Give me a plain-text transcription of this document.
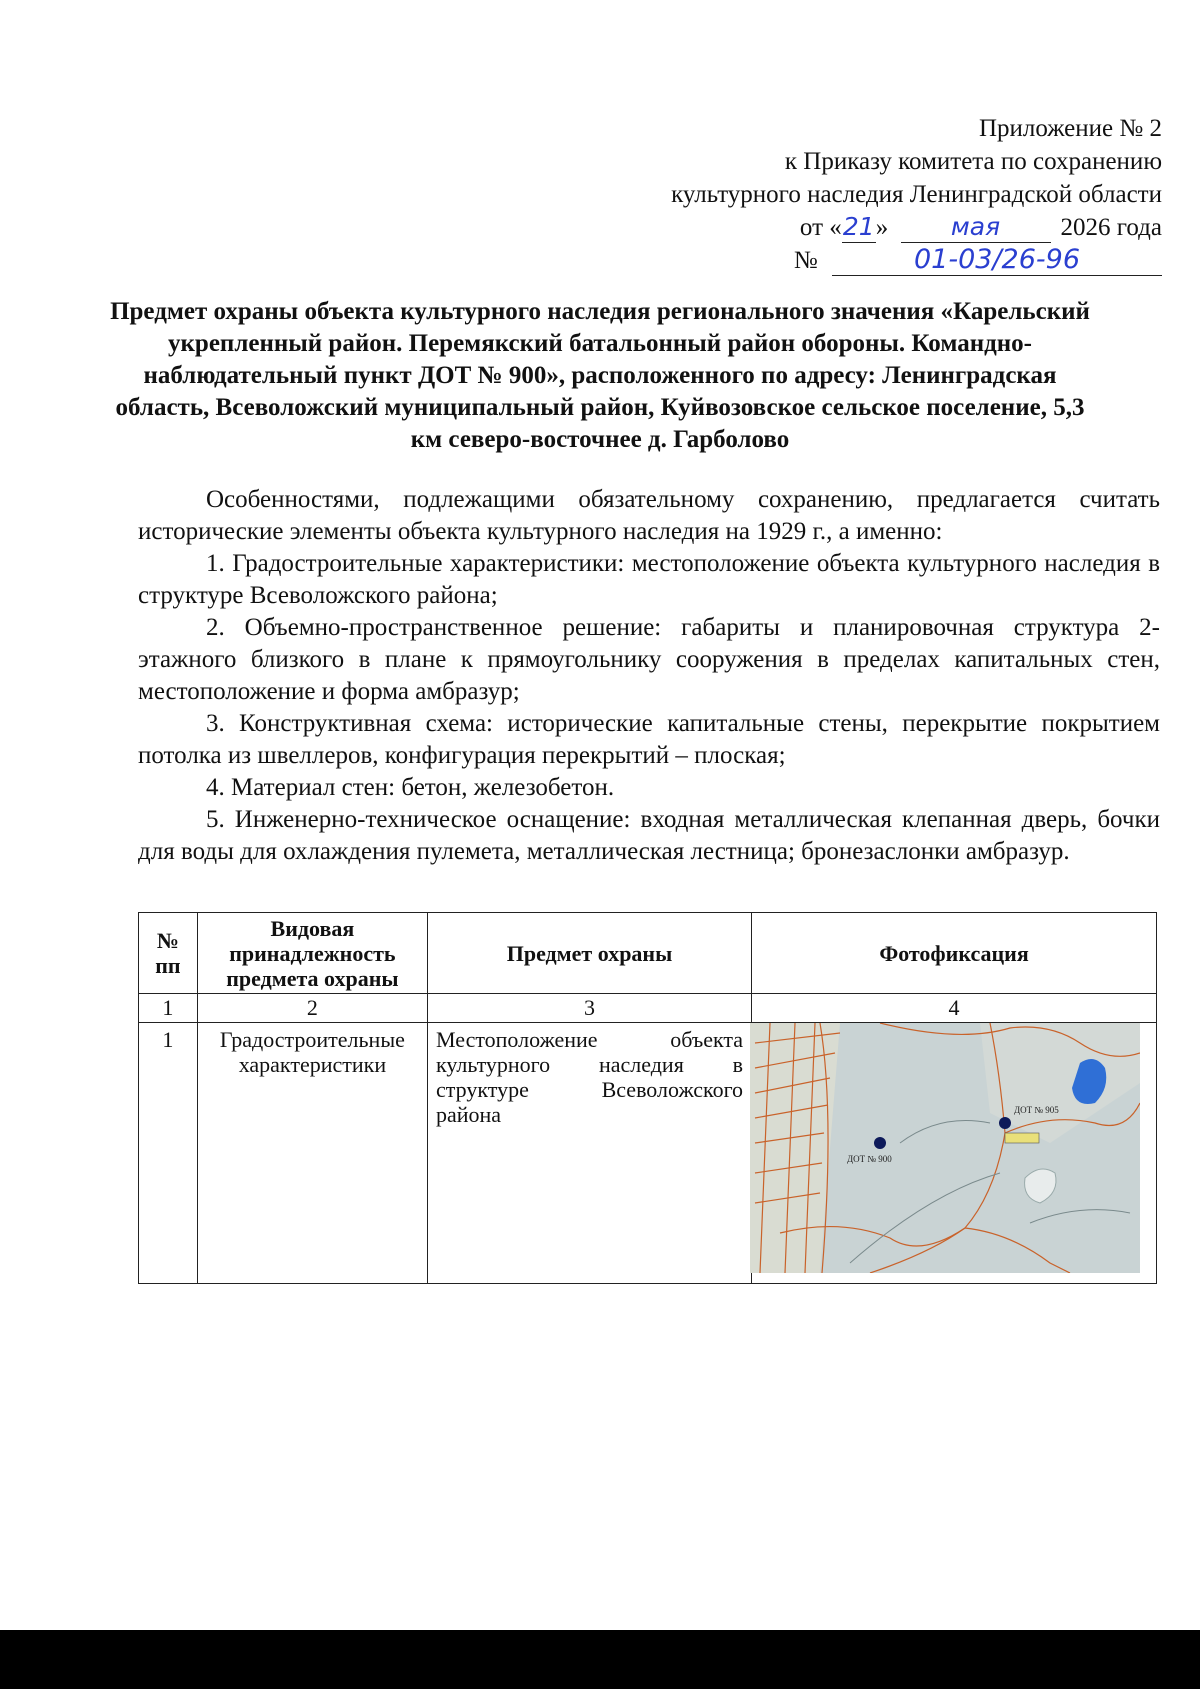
Приложение № 2
к Приказу комитета по сохранению
культурного наследия Ленинградской области
от «21»	мая 2026 года
№	01-03/26-96
Предмет охраны объекта культурного наследия регионального значения «Карельский укрепленный район. Перемякский батальонный район обороны. Командно-наблюдательный пункт ДОТ № 900», расположенного по адресу: Ленинградская область, Всеволожский муниципальный район, Куйвозовское сельское поселение, 5,3 км северо-восточнее д. Гарболово

Особенностями, подлежащими обязательному сохранению, предлагается считать исторические элементы объекта культурного наследия на 1929 г., а именно:

1. Градостроительные характеристики: местоположение объекта культурного наследия в структуре Всеволожского района;

2. Объемно-пространственное решение: габариты и планировочная структура 2-этажного близкого в плане к прямоугольнику сооружения в пределах капитальных стен, местоположение и форма амбразур;

3. Конструктивная схема: исторические капитальные стены, перекрытие покрытием потолка из швеллеров, конфигурация перекрытий – плоская;

4. Материал стен: бетон, железобетон.

5. Инженерно-техническое оснащение: входная металлическая клепанная дверь, бочки для воды для охлаждения пулемета, металлическая лестница; бронезаслонки амбразур.

№ пп	Видовая принадлежность предмета охраны	Предмет охраны	Фотофиксация
1	2	3	4
1	Градостроительные характеристики	Местоположение объекта культурного наследия в структуре Всеволожского района	ДОТ № 900
ДОТ № 905
